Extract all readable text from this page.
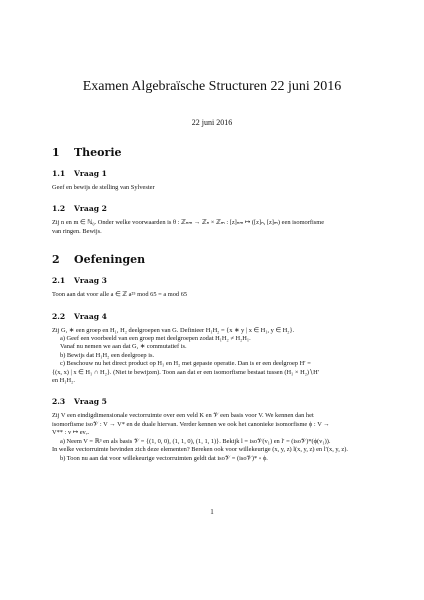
Examen Algebraïsche Structuren 22 juni 2016
22 juni 2016
1 Theorie
1.1 Vraag 1

Geef en bewijs de stelling van Sylvester

1.2 Vraag 2

Zij n en m ∈ ℕ₀. Onder welke voorwaarden is θ : ℤₙₘ → ℤₙ × ℤₘ : [z]ₙₘ ↦ ([z]ₙ, [z]ₘ) een isomorfisme

van ringen. Bewijs.

2 Oefeningen
2.1 Vraag 3

Toon aan dat voor alle a ∈ ℤ a²⁵ mod 65 = a mod 65

2.2 Vraag 4

Zij G, ∗ een groep en H₁, H₂ deelgroepen van G. Definieer H₁H₂ = {x ∗ y | x ∈ H₁, y ∈ H₂}.

a) Geef een voorbeeld van een groep met deelgroepen zodat H₁H₂ ≠ H₂H₁.

Vanaf nu nemen we aan dat G, ∗ commutatief is.

b) Bewijs dat H₁H₂ een deelgroep is.

c) Beschouw nu het direct product op H₁ en H₂ met gepaste operatie. Dan is er een deelgroep H′ =

{(x, x) | x ∈ H₁ ∩ H₂}. (Niet te bewijzen). Toon aan dat er een isomorfisme bestaat tussen (H₁ × H₂)∖H′

en H₁H₂.

2.3 Vraag 5

Zij V een eindigdimensionale vectorruimte over een veld K en 𝒱 een basis voor V. We kennen dan het

isomorfisme iso𝒱 : V → V* en de duale hiervan. Verder kennen we ook het canonieke isomorfisme ϕ : V →

V** : v ↦ evᵥ.

a) Neem V = ℝ³ en als basis 𝒱 = {(1, 0, 0), (1, 1, 0), (1, 1, 1)}. Bekijk l = iso𝒱(v₁) en l′ = (iso𝒱)*(ϕ(v₁)).

In welke vectorruimte bevinden zich deze elementen? Bereken ook voor willekeurige (x, y, z) l(x, y, z) en l′(x, y, z).

b) Toon nu aan dat voor willekeurige vectorruimten geldt dat iso𝒱 = (iso𝒱)* ∘ ϕ.

1
